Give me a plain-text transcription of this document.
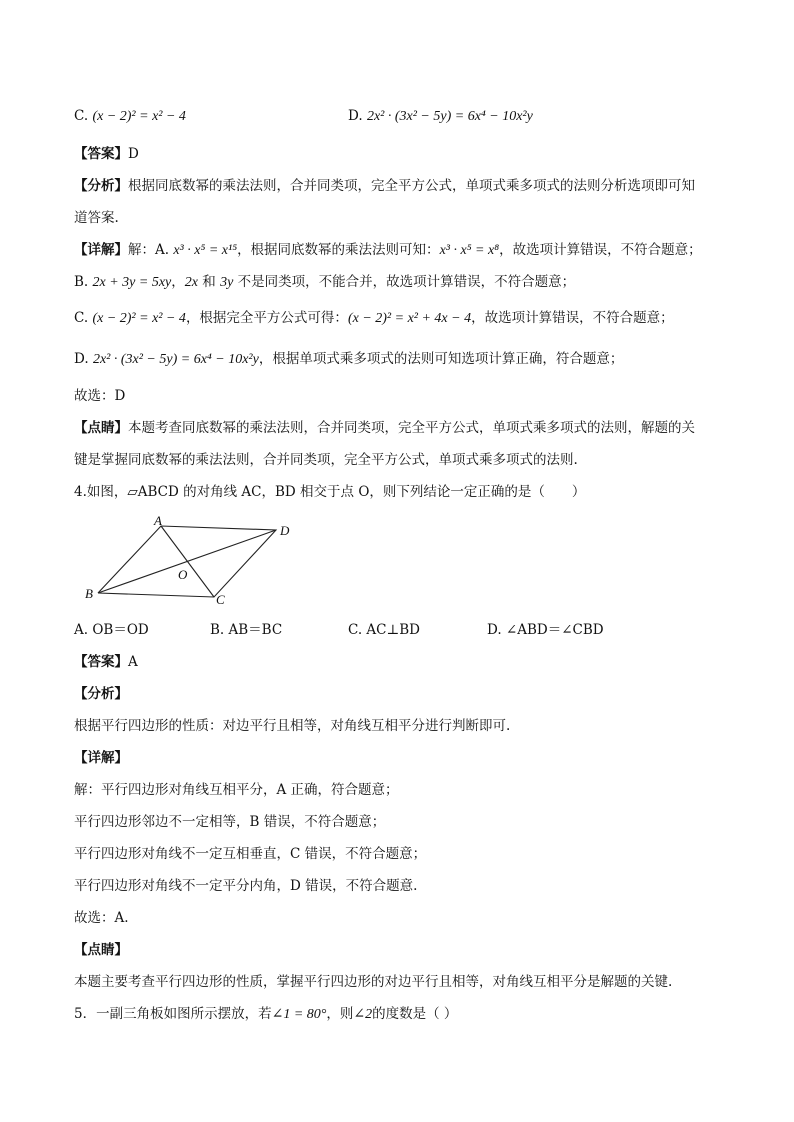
C. (x − 2)² = x² − 4	D. 2x² · (3x² − 5y) = 6x⁴ − 10x²y
【答案】D
【分析】根据同底数幂的乘法法则，合并同类项，完全平方公式，单项式乘多项式的法则分析选项即可知
道答案.
【详解】解：A. x³ · x⁵ = x¹⁵，根据同底数幂的乘法法则可知：x³ · x⁵ = x⁸，故选项计算错误，不符合题意；
B. 2x + 3y = 5xy，2x 和 3y 不是同类项，不能合并，故选项计算错误，不符合题意；
C. (x − 2)² = x² − 4，根据完全平方公式可得：(x − 2)² = x² + 4x − 4，故选项计算错误，不符合题意；
D. 2x² · (3x² − 5y) = 6x⁴ − 10x²y，根据单项式乘多项式的法则可知选项计算正确，符合题意；
故选：D
【点睛】本题考查同底数幂的乘法法则，合并同类项，完全平方公式，单项式乘多项式的法则，解题的关
键是掌握同底数幂的乘法法则，合并同类项，完全平方公式，单项式乘多项式的法则.
4.如图，▱ABCD 的对角线 AC，BD 相交于点 O，则下列结论一定正确的是（　　）
A
D
B	C
O
A. OB＝OD	B. AB＝BC	C. AC⊥BD	D. ∠ABD＝∠CBD
【答案】A
【分析】
根据平行四边形的性质：对边平行且相等，对角线互相平分进行判断即可.
【详解】
解：平行四边形对角线互相平分，A 正确，符合题意；
平行四边形邻边不一定相等，B 错误，不符合题意；
平行四边形对角线不一定互相垂直，C 错误，不符合题意；
平行四边形对角线不一定平分内角，D 错误，不符合题意.
故选：A.
【点睛】
本题主要考查平行四边形的性质，掌握平行四边形的对边平行且相等，对角线互相平分是解题的关键.
5．一副三角板如图所示摆放，若∠1 = 80°，则∠2的度数是（ ）
